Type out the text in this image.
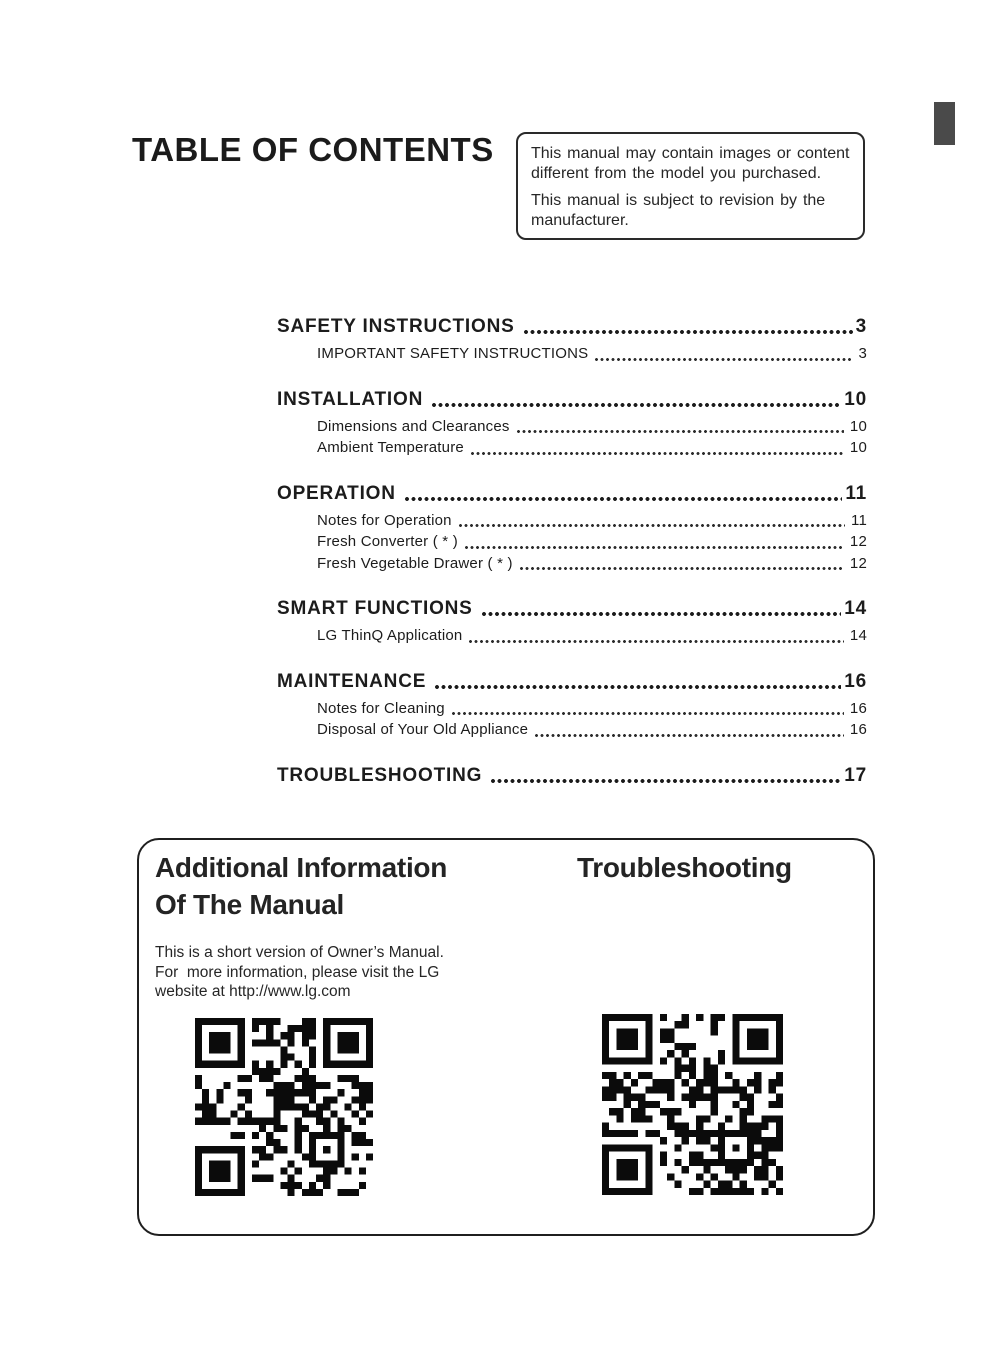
TABLE OF CONTENTS This manual may contain images or content different from the model you purchased.

This manual is subject to revision by the manufacturer.

SAFETY INSTRUCTIONS	3
IMPORTANT SAFETY INSTRUCTIONS	3
INSTALLATION	10
Dimensions and Clearances	10
Ambient Temperature	10
OPERATION	11
Notes for Operation	11
Fresh Converter ( * )	12
Fresh Vegetable Drawer ( * )	12
SMART FUNCTIONS	14
LG ThinQ Application	14
MAINTENANCE	16
Notes for Cleaning	16
Disposal of Your Old Appliance	16
TROUBLESHOOTING	17
Additional Information
Of The Manual
Troubleshooting
This is a short version of Owner’s Manual.
For  more information, please visit the LG
website at http://www.lg.com
